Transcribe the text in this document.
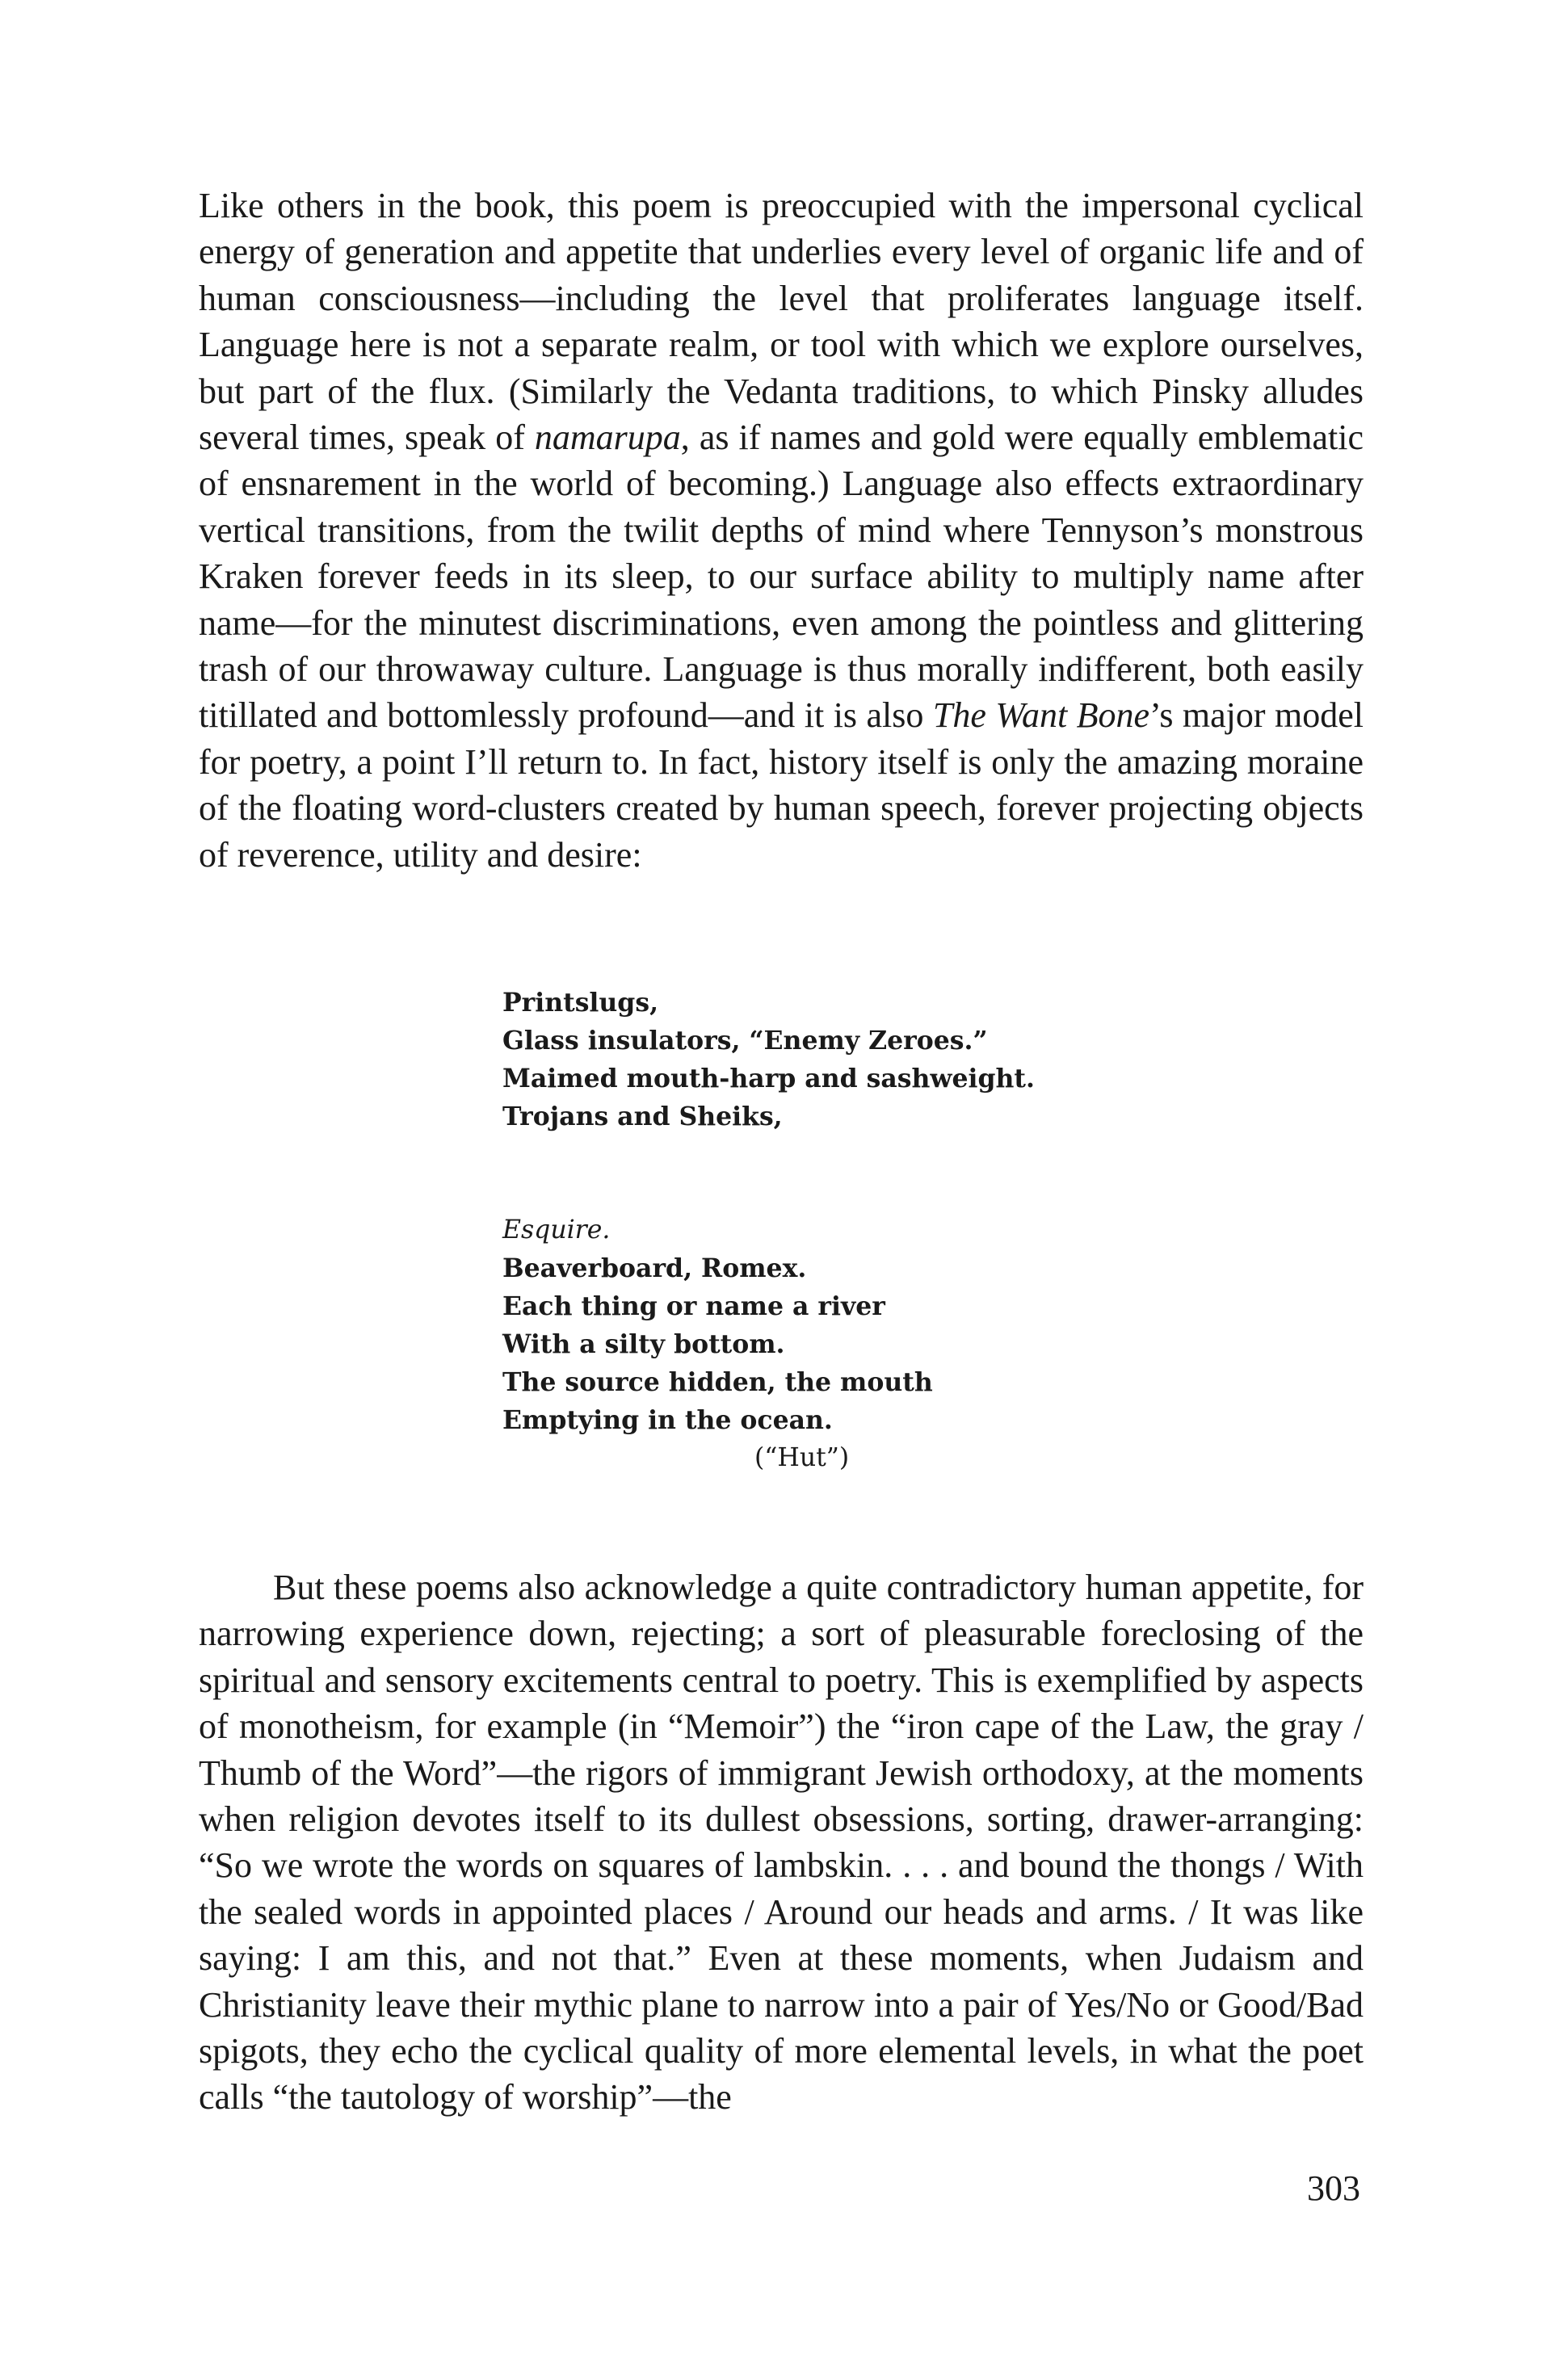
Like others in the book, this poem is preoccupied with the impersonal cyclical energy of generation and appetite that underlies every level of organic life and of human consciousness—including the level that proliferates language itself. Language here is not a separate realm, or tool with which we explore ourselves, but part of the flux. (Similarly the Vedanta traditions, to which Pinsky alludes several times, speak of namarupa, as if names and gold were equally emblematic of ensnarement in the world of becoming.) Language also effects extraordinary vertical transitions, from the twilit depths of mind where Tennyson’s monstrous Kraken forever feeds in its sleep, to our surface ability to multiply name after name—for the minutest discriminations, even among the pointless and glittering trash of our throwaway culture. Language is thus morally indifferent, both easily titillated and bottomlessly profound—and it is also The Want Bone’s major model for poetry, a point I’ll return to. In fact, history itself is only the amazing moraine of the floating word-clusters created by human speech, forever projecting objects of reverence, utility and desire:

Printslugs,
Glass insulators, “Enemy Zeroes.”
Maimed mouth-harp and sashweight.
Trojans and Sheiks,
Esquire.
Beaverboard, Romex.
Each thing or name a river
With a silty bottom.
The source hidden, the mouth
Emptying in the ocean.
(“Hut”)

But these poems also acknowledge a quite contradictory human appetite, for narrowing experience down, rejecting; a sort of pleasurable foreclosing of the spiritual and sensory excitements central to poetry. This is exemplified by aspects of monotheism, for example (in “Memoir”) the “iron cape of the Law, the gray / Thumb of the Word”—the rigors of immigrant Jewish orthodoxy, at the moments when religion devotes itself to its dullest obsessions, sorting, drawer-arranging: “So we wrote the words on squares of lambskin. . . . and bound the thongs / With the sealed words in appointed places / Around our heads and arms. / It was like saying: I am this, and not that.” Even at these moments, when Judaism and Christianity leave their mythic plane to narrow into a pair of Yes/No or Good/Bad spigots, they echo the cyclical quality of more elemental levels, in what the poet calls “the tautology of worship”—the

303
